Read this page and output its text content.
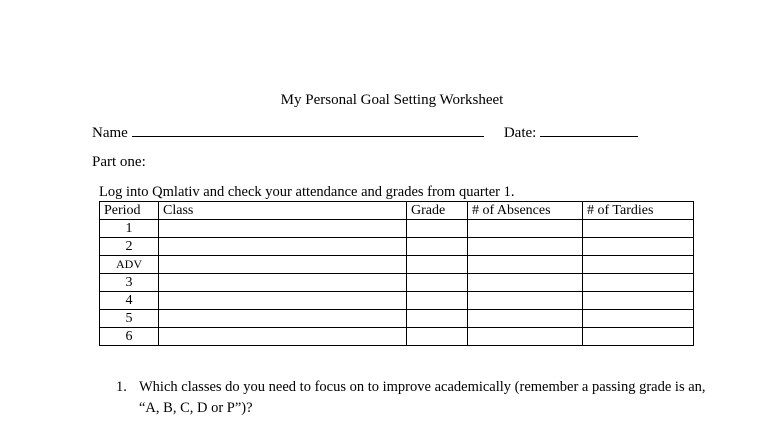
My Personal Goal Setting Worksheet
Name	Date:
Part one:
Log into Qmlativ and check your attendance and grades from quarter 1.
Period	Class	Grade	# of Absences	# of Tardies
1				
2				
ADV				
3				
4				
5				
6				
1. Which classes do you need to focus on to improve academically (remember a passing grade is an, “A, B, C, D or P”)?
